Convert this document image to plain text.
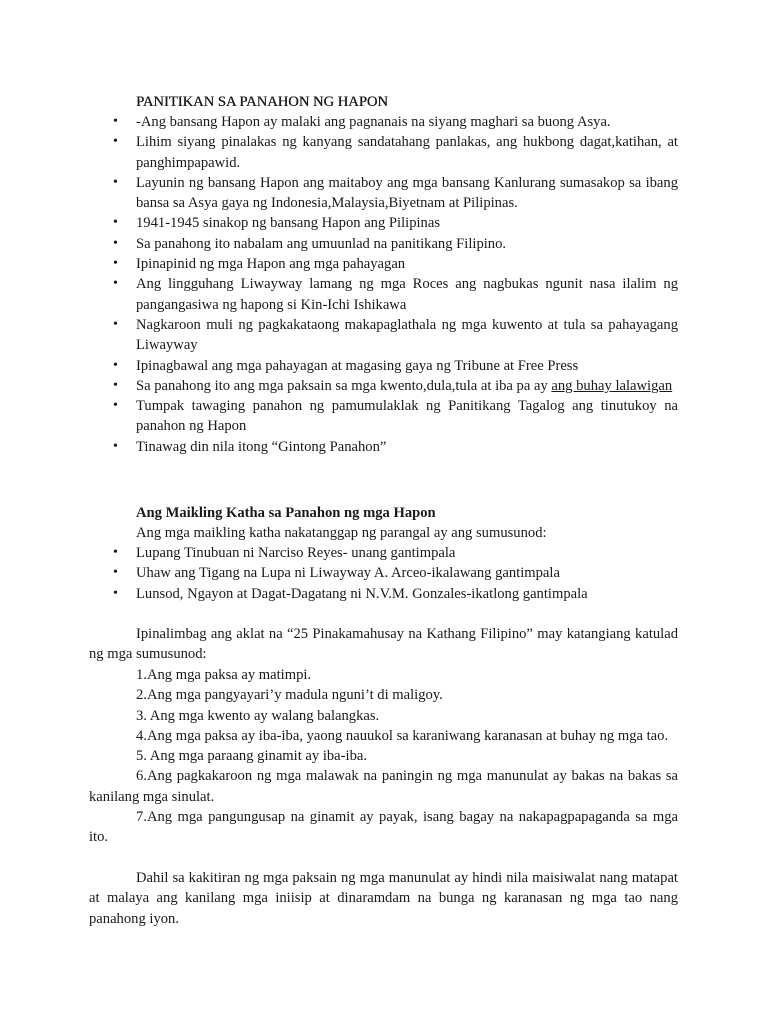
PANITIKAN SA PANAHON NG HAPON
• -Ang bansang Hapon ay malaki ang pagnanais na siyang maghari sa buong Asya.
• Lihim siyang pinalakas ng kanyang sandatahang panlakas, ang hukbong dagat,katihan, at panghimpapawid.
• Layunin ng bansang Hapon ang maitaboy ang mga bansang Kanlurang sumasakop sa ibang bansa sa Asya gaya ng Indonesia,Malaysia,Biyetnam at Pilipinas.
• 1941-1945 sinakop ng bansang Hapon ang Pilipinas
• Sa panahong ito nabalam ang umuunlad na panitikang Filipino.
• Ipinapinid ng mga Hapon ang mga pahayagan
• Ang lingguhang Liwayway lamang ng mga Roces ang nagbukas ngunit nasa ilalim ng pangangasiwa ng hapong si Kin-Ichi Ishikawa
• Nagkaroon muli ng pagkakataong makapaglathala ng mga kuwento at tula sa pahayagang Liwayway
• Ipinagbawal ang mga pahayagan at magasing gaya ng Tribune at Free Press
• Sa panahong ito ang mga paksain sa mga kwento,dula,tula at iba pa ay ang buhay lalawigan
• Tumpak tawaging panahon ng pamumulaklak ng Panitikang Tagalog ang tinutukoy na panahon ng Hapon
• Tinawag din nila itong “Gintong Panahon”
Ang Maikling Katha sa Panahon ng mga Hapon
Ang mga maikling katha nakatanggap ng parangal ay ang sumusunod:
• Lupang Tinubuan ni Narciso Reyes- unang gantimpala
• Uhaw ang Tigang na Lupa ni Liwayway A. Arceo-ikalawang gantimpala
• Lunsod, Ngayon at Dagat-Dagatang ni N.V.M. Gonzales-ikatlong gantimpala

Ipinalimbag ang aklat na “25 Pinakamahusay na Kathang Filipino” may katangiang katulad ng mga sumusunod:

1.Ang mga paksa ay matimpi.
2.Ang mga pangyayari’y madula nguni’t di maligoy.
3. Ang mga kwento ay walang balangkas.
4.Ang mga paksa ay iba-iba, yaong nauukol sa karaniwang karanasan at buhay ng mga tao.
5. Ang mga paraang ginamit ay iba-iba.
6.Ang pagkakaroon ng mga malawak na paningin ng mga manunulat ay bakas na bakas sa kanilang mga sinulat.
7.Ang mga pangungusap na ginamit ay payak, isang bagay na nakapagpapaganda sa mga ito.

Dahil sa kakitiran ng mga paksain ng mga manunulat ay hindi nila maisiwalat nang matapat at malaya ang kanilang mga iniisip at dinaramdam na bunga ng karanasan ng mga tao nang panahong iyon.
